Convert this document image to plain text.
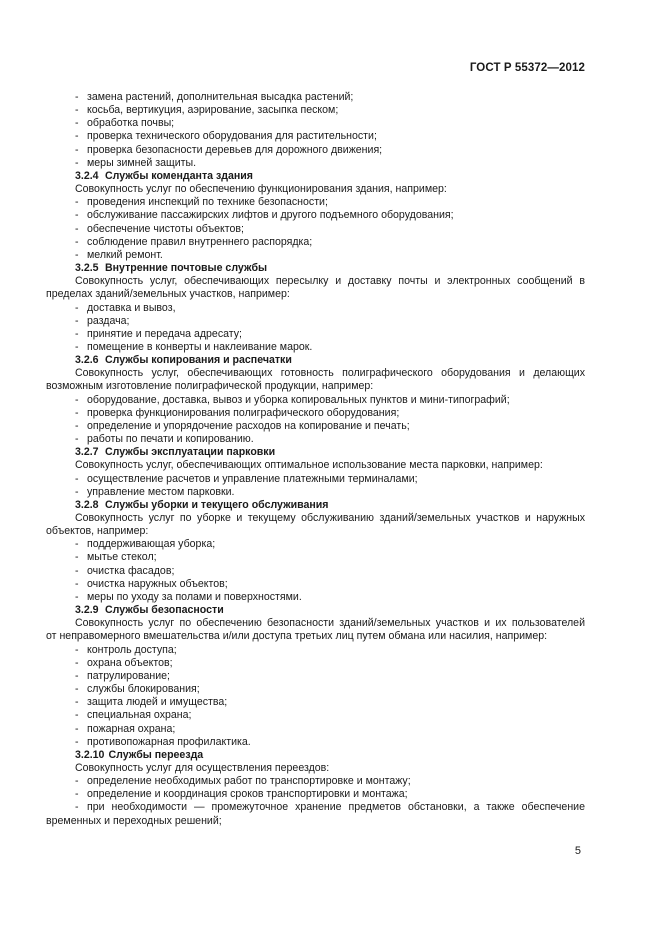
ГОСТ Р 55372—2012
- замена растений, дополнительная высадка растений;
- косьба, вертикуция, аэрирование, засыпка песком;
- обработка почвы;
- проверка технического оборудования для растительности;
- проверка безопасности деревьев для дорожного движения;
- меры зимней защиты.
3.2.4 Службы коменданта здания
Совокупность услуг по обеспечению функционирования здания, например:
- проведения инспекций по технике безопасности;
- обслуживание пассажирских лифтов и другого подъемного оборудования;
- обеспечение чистоты объектов;
- соблюдение правил внутреннего распорядка;
- мелкий ремонт.
3.2.5 Внутренние почтовые службы
Совокупность услуг, обеспечивающих пересылку и доставку почты и электронных сообщений в
пределах зданий/земельных участков, например:
- доставка и вывоз,
- раздача;
- принятие и передача адресату;
- помещение в конверты и наклеивание марок.
3.2.6 Службы копирования и распечатки
Совокупность услуг, обеспечивающих готовность полиграфического оборудования и делающих
возможным изготовление полиграфической продукции, например:
- оборудование, доставка, вывоз и уборка копировальных пунктов и мини-типографий;
- проверка функционирования полиграфического оборудования;
- определение и упорядочение расходов на копирование и печать;
- работы по печати и копированию.
3.2.7 Службы эксплуатации парковки
Совокупность услуг, обеспечивающих оптимальное использование места парковки, например:
- осуществление расчетов и управление платежными терминалами;
- управление местом парковки.
3.2.8 Службы уборки и текущего обслуживания
Совокупность услуг по уборке и текущему обслуживанию зданий/земельных участков и наружных
объектов, например:
- поддерживающая уборка;
- мытье стекол;
- очистка фасадов;
- очистка наружных объектов;
- меры по уходу за полами и поверхностями.
3.2.9 Службы безопасности
Совокупность услуг по обеспечению безопасности зданий/земельных участков и их пользователей
от неправомерного вмешательства и/или доступа третьих лиц путем обмана или насилия, например:
- контроль доступа;
- охрана объектов;
- патрулирование;
- службы блокирования;
- защита людей и имущества;
- специальная охрана;
- пожарная охрана;
- противопожарная профилактика.
3.2.10 Службы переезда
Совокупность услуг для осуществления переездов:
- определение необходимых работ по транспортировке и монтажу;
- определение и координация сроков транспортировки и монтажа;
- при необходимости — промежуточное хранение предметов обстановки, а также обеспечение
временных и переходных решений;
5
